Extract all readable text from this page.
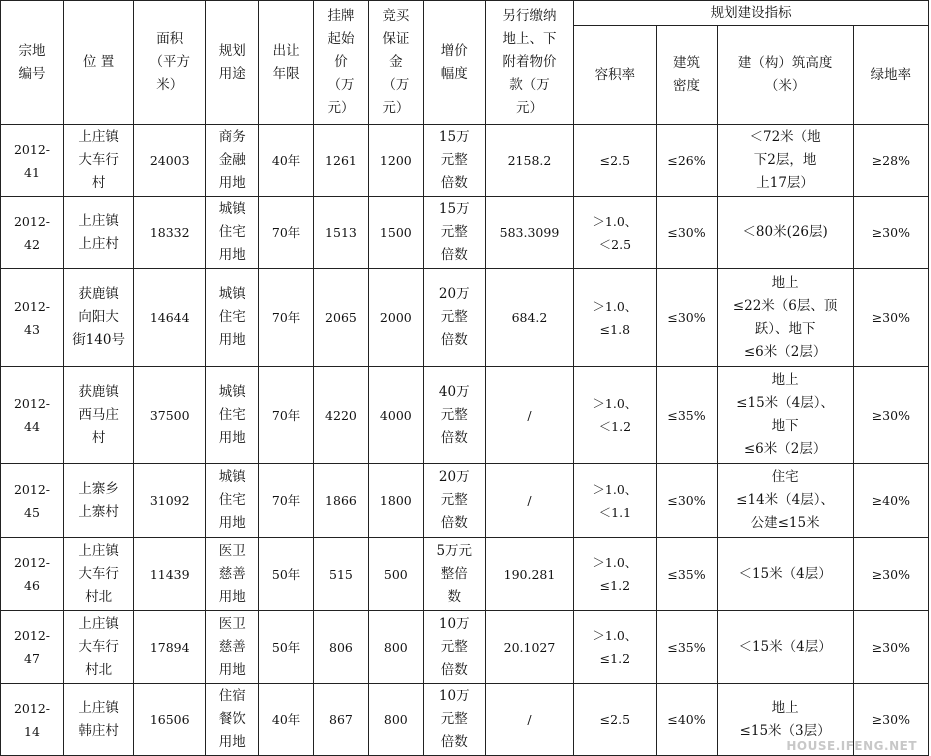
宗地
编号	位 置	面积
（平方
米）	规划
用途	出让
年限	挂牌
起始
价
（万
元）	竞买
保证
金
（万
元）	增价
幅度	另行缴纳
地上、下
附着物价
款（万
元）	规划建设指标			
									容积率	建筑
密度	建（构）筑高度
（米）	绿地率
2012-
41	上庄镇
大车行
村	24003	商务
金融
用地	40年	1261	1200	15万
元整
倍数	2158.2	≤2.5	≤26%	＜72米（地
下2层，地
上17层）	≥28%
2012-
42	上庄镇
上庄村	18332	城镇
住宅
用地	70年	1513	1500	15万
元整
倍数	583.3099	＞1.0、
＜2.5	≤30%	＜80米(26层)	≥30%
2012-
43	获鹿镇
向阳大
街140号	14644	城镇
住宅
用地	70年	2065	2000	20万
元整
倍数	684.2	＞1.0、
≤1.8	≤30%	地上
≤22米（6层、顶
跃）、地下
≤6米（2层）	≥30%
2012-
44	获鹿镇
西马庄
村	37500	城镇
住宅
用地	70年	4220	4000	40万
元整
倍数	/	＞1.0、
＜1.2	≤35%	地上
≤15米（4层）、
地下
≤6米（2层）	≥30%
2012-
45	上寨乡
上寨村	31092	城镇
住宅
用地	70年	1866	1800	20万
元整
倍数	/	＞1.0、
＜1.1	≤30%	住宅
≤14米（4层）、
公建≤15米	≥40%
2012-
46	上庄镇
大车行
村北	11439	医卫
慈善
用地	50年	515	500	5万元
整倍
数	190.281	＞1.0、
≤1.2	≤35%	＜15米（4层）	≥30%
2012-
47	上庄镇
大车行
村北	17894	医卫
慈善
用地	50年	806	800	10万
元整
倍数	20.1027	＞1.0、
≤1.2	≤35%	＜15米（4层）	≥30%
2012-
14	上庄镇
韩庄村	16506	住宿
餐饮
用地	40年	867	800	10万
元整
倍数	/	≤2.5	≤40%	地上
≤15米（3层）	≥30%
HOUSE.IFENG.NET
